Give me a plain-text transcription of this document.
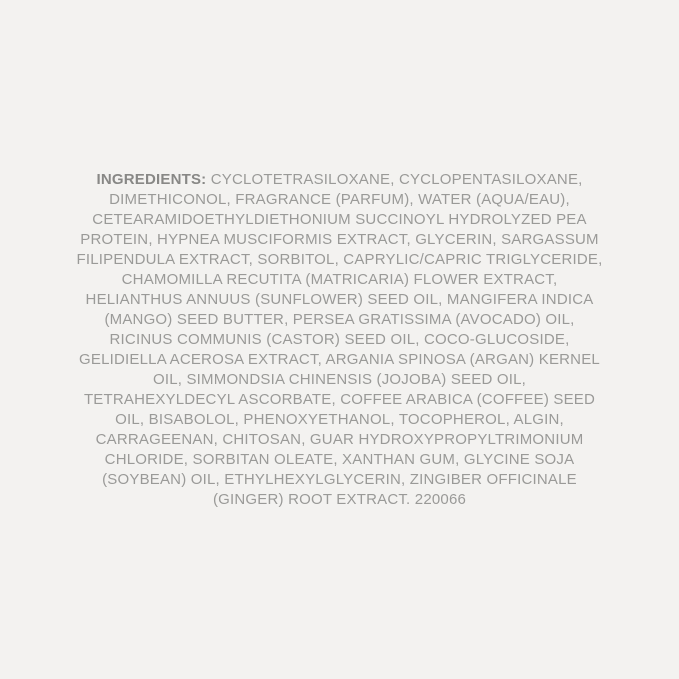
INGREDIENTS: CYCLOTETRASILOXANE, CYCLOPENTASILOXANE,
DIMETHICONOL, FRAGRANCE (PARFUM), WATER (AQUA/EAU),
CETEARAMIDOETHYLDIETHONIUM SUCCINOYL HYDROLYZED PEA
PROTEIN, HYPNEA MUSCIFORMIS EXTRACT, GLYCERIN, SARGASSUM
FILIPENDULA EXTRACT, SORBITOL, CAPRYLIC/CAPRIC TRIGLYCERIDE,
CHAMOMILLA RECUTITA (MATRICARIA) FLOWER EXTRACT,
HELIANTHUS ANNUUS (SUNFLOWER) SEED OIL, MANGIFERA INDICA
(MANGO) SEED BUTTER, PERSEA GRATISSIMA (AVOCADO) OIL,
RICINUS COMMUNIS (CASTOR) SEED OIL, COCO-GLUCOSIDE,
GELIDIELLA ACEROSA EXTRACT, ARGANIA SPINOSA (ARGAN) KERNEL
OIL, SIMMONDSIA CHINENSIS (JOJOBA) SEED OIL,
TETRAHEXYLDECYL ASCORBATE, COFFEE ARABICA (COFFEE) SEED
OIL, BISABOLOL, PHENOXYETHANOL, TOCOPHEROL, ALGIN,
CARRAGEENAN, CHITOSAN, GUAR HYDROXYPROPYLTRIMONIUM
CHLORIDE, SORBITAN OLEATE, XANTHAN GUM, GLYCINE SOJA
(SOYBEAN) OIL, ETHYLHEXYLGLYCERIN, ZINGIBER OFFICINALE
(GINGER) ROOT EXTRACT. 220066
